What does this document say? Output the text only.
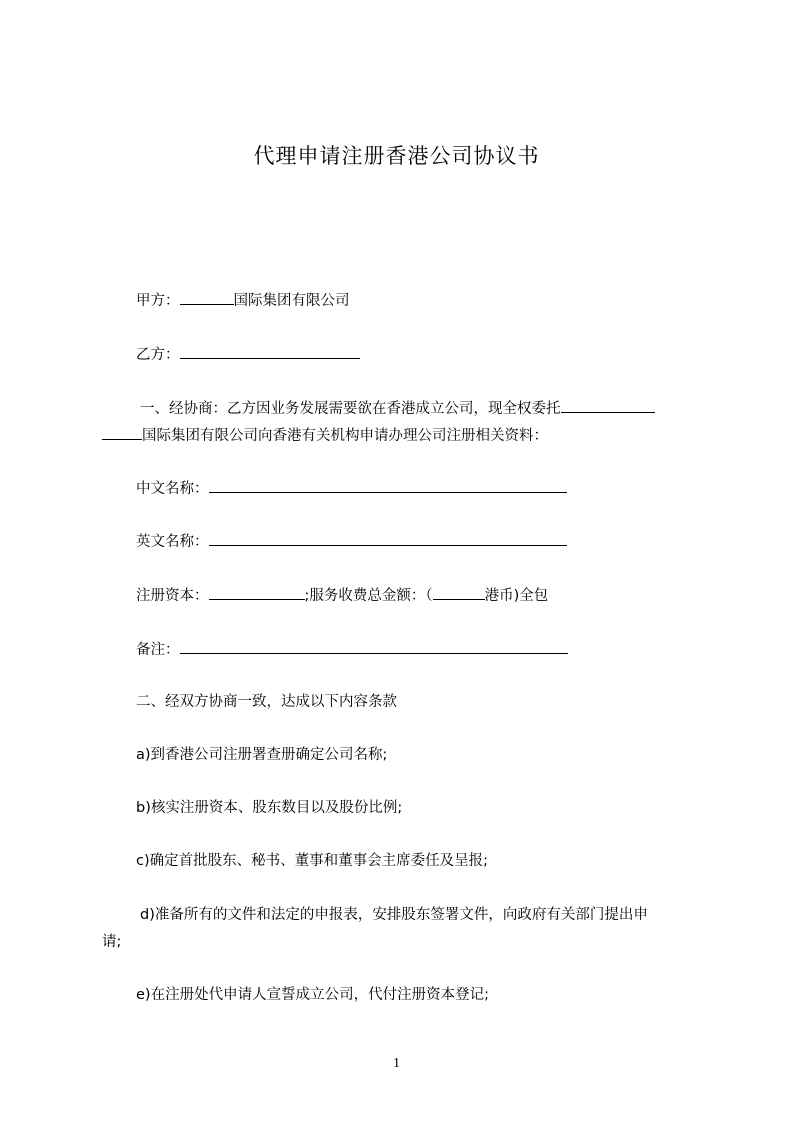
代理申请注册香港公司协议书
甲方：	国际集团有限公司
乙方：
一、经协商：乙方因业务发展需要欲在香港成立公司，现全权委托
国际集团有限公司向香港有关机构申请办理公司注册相关资料：
中文名称：
英文名称：
注册资本：	;服务收费总金额：（	港币)全包
备注：
二、经双方协商一致，达成以下内容条款
a)到香港公司注册署查册确定公司名称;
b)核实注册资本、股东数目以及股份比例;
c)确定首批股东、秘书、董事和董事会主席委任及呈报;
d)准备所有的文件和法定的申报表，安排股东签署文件，向政府有关部门提出申
请;
e)在注册处代申请人宣誓成立公司，代付注册资本登记;
1
